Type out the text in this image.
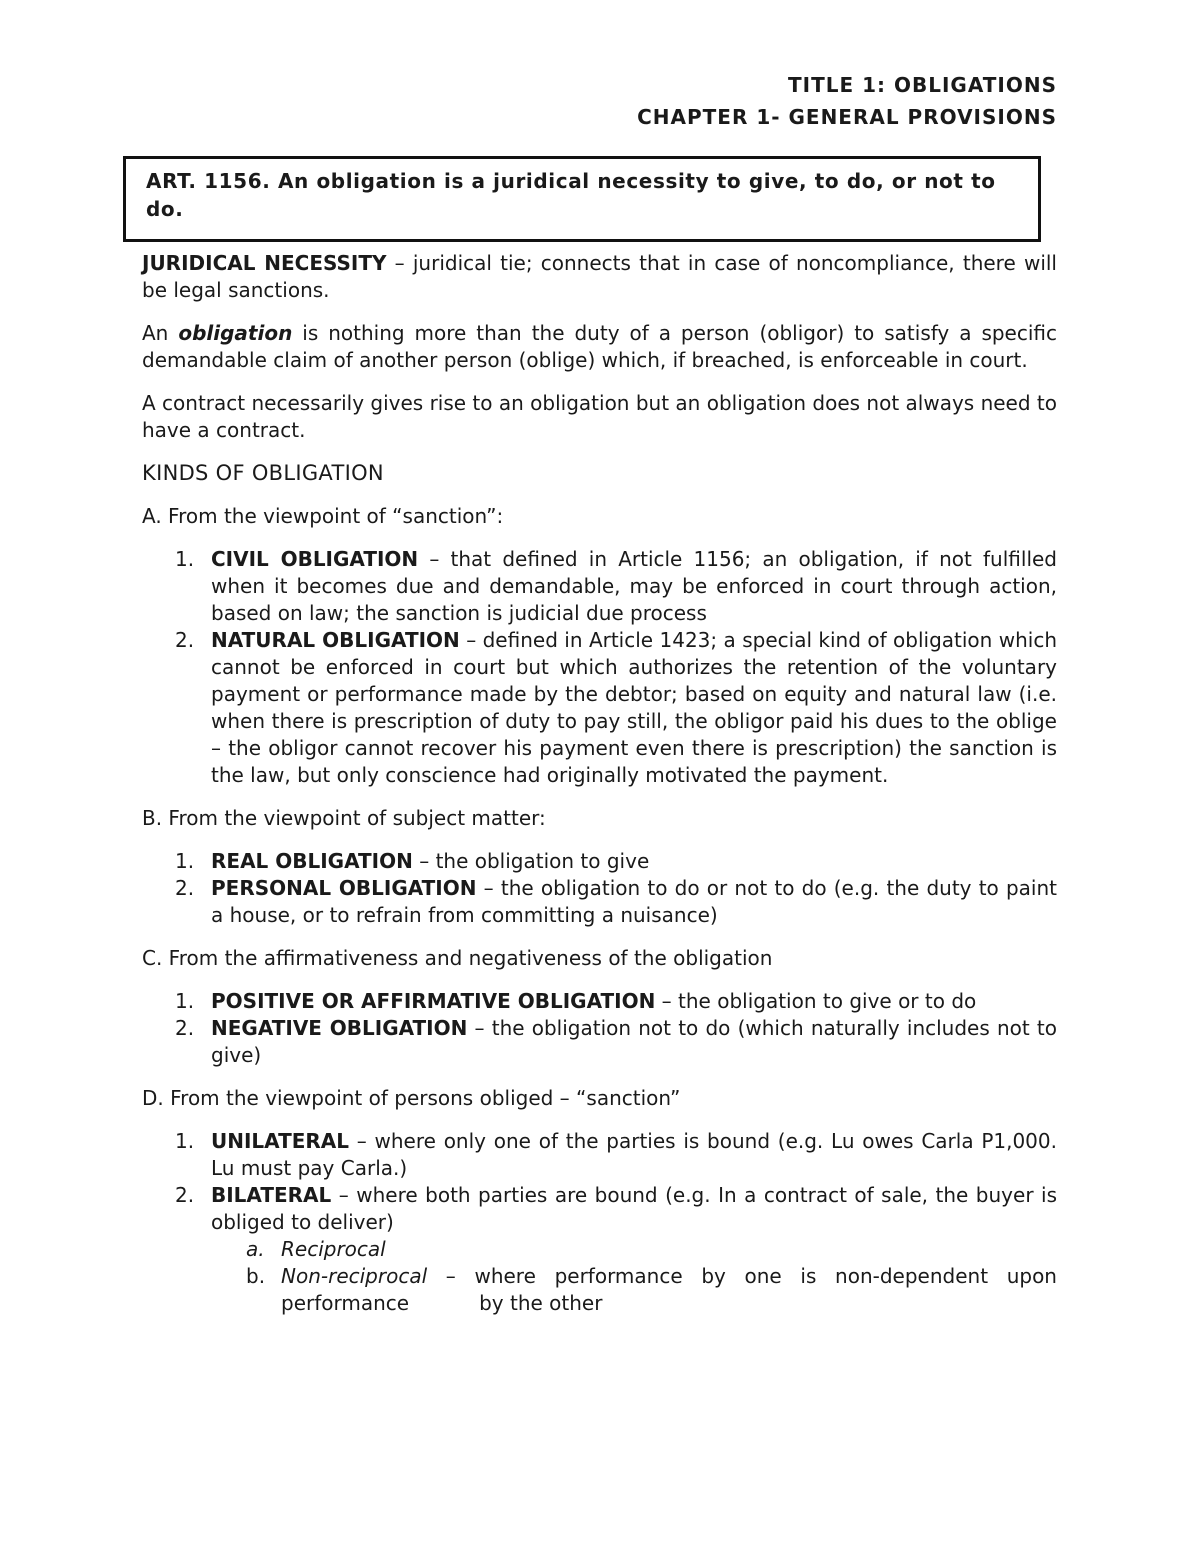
TITLE 1: OBLIGATIONS
CHAPTER 1- GENERAL PROVISIONS
ART. 1156. An obligation is a juridical necessity to give, to do, or not to do.

JURIDICAL NECESSITY – juridical tie; connects that in case of noncompliance, there will be legal sanctions.

An obligation is nothing more than the duty of a person (obligor) to satisfy a specific demandable claim of another person (oblige) which, if breached, is enforceable in court.

A contract necessarily gives rise to an obligation but an obligation does not always need to have a contract.

KINDS OF OBLIGATION

A. From the viewpoint of “sanction”:

1. CIVIL OBLIGATION – that defined in Article 1156; an obligation, if not fulfilled when it becomes due and demandable, may be enforced in court through action, based on law; the sanction is judicial due process
2. NATURAL OBLIGATION – defined in Article 1423; a special kind of obligation which cannot be enforced in court but which authorizes the retention of the voluntary payment or performance made by the debtor; based on equity and natural law (i.e. when there is prescription of duty to pay still, the obligor paid his dues to the oblige – the obligor cannot recover his payment even there is prescription) the sanction is the law, but only conscience had originally motivated the payment.

B. From the viewpoint of subject matter:

1. REAL OBLIGATION – the obligation to give
2. PERSONAL OBLIGATION – the obligation to do or not to do (e.g. the duty to paint a house, or to refrain from committing a nuisance)

C. From the affirmativeness and negativeness of the obligation

1. POSITIVE OR AFFIRMATIVE OBLIGATION – the obligation to give or to do
2. NEGATIVE OBLIGATION – the obligation not to do (which naturally includes not to give)

D. From the viewpoint of persons obliged – “sanction”

1. UNILATERAL – where only one of the parties is bound (e.g. Lu owes Carla P1,000. Lu must pay Carla.)
2. BILATERAL – where both parties are bound (e.g. In a contract of sale, the buyer is obliged to deliver)
a. Reciprocal
b. Non-reciprocal – where performance by one is non-dependent upon performance	by the other
